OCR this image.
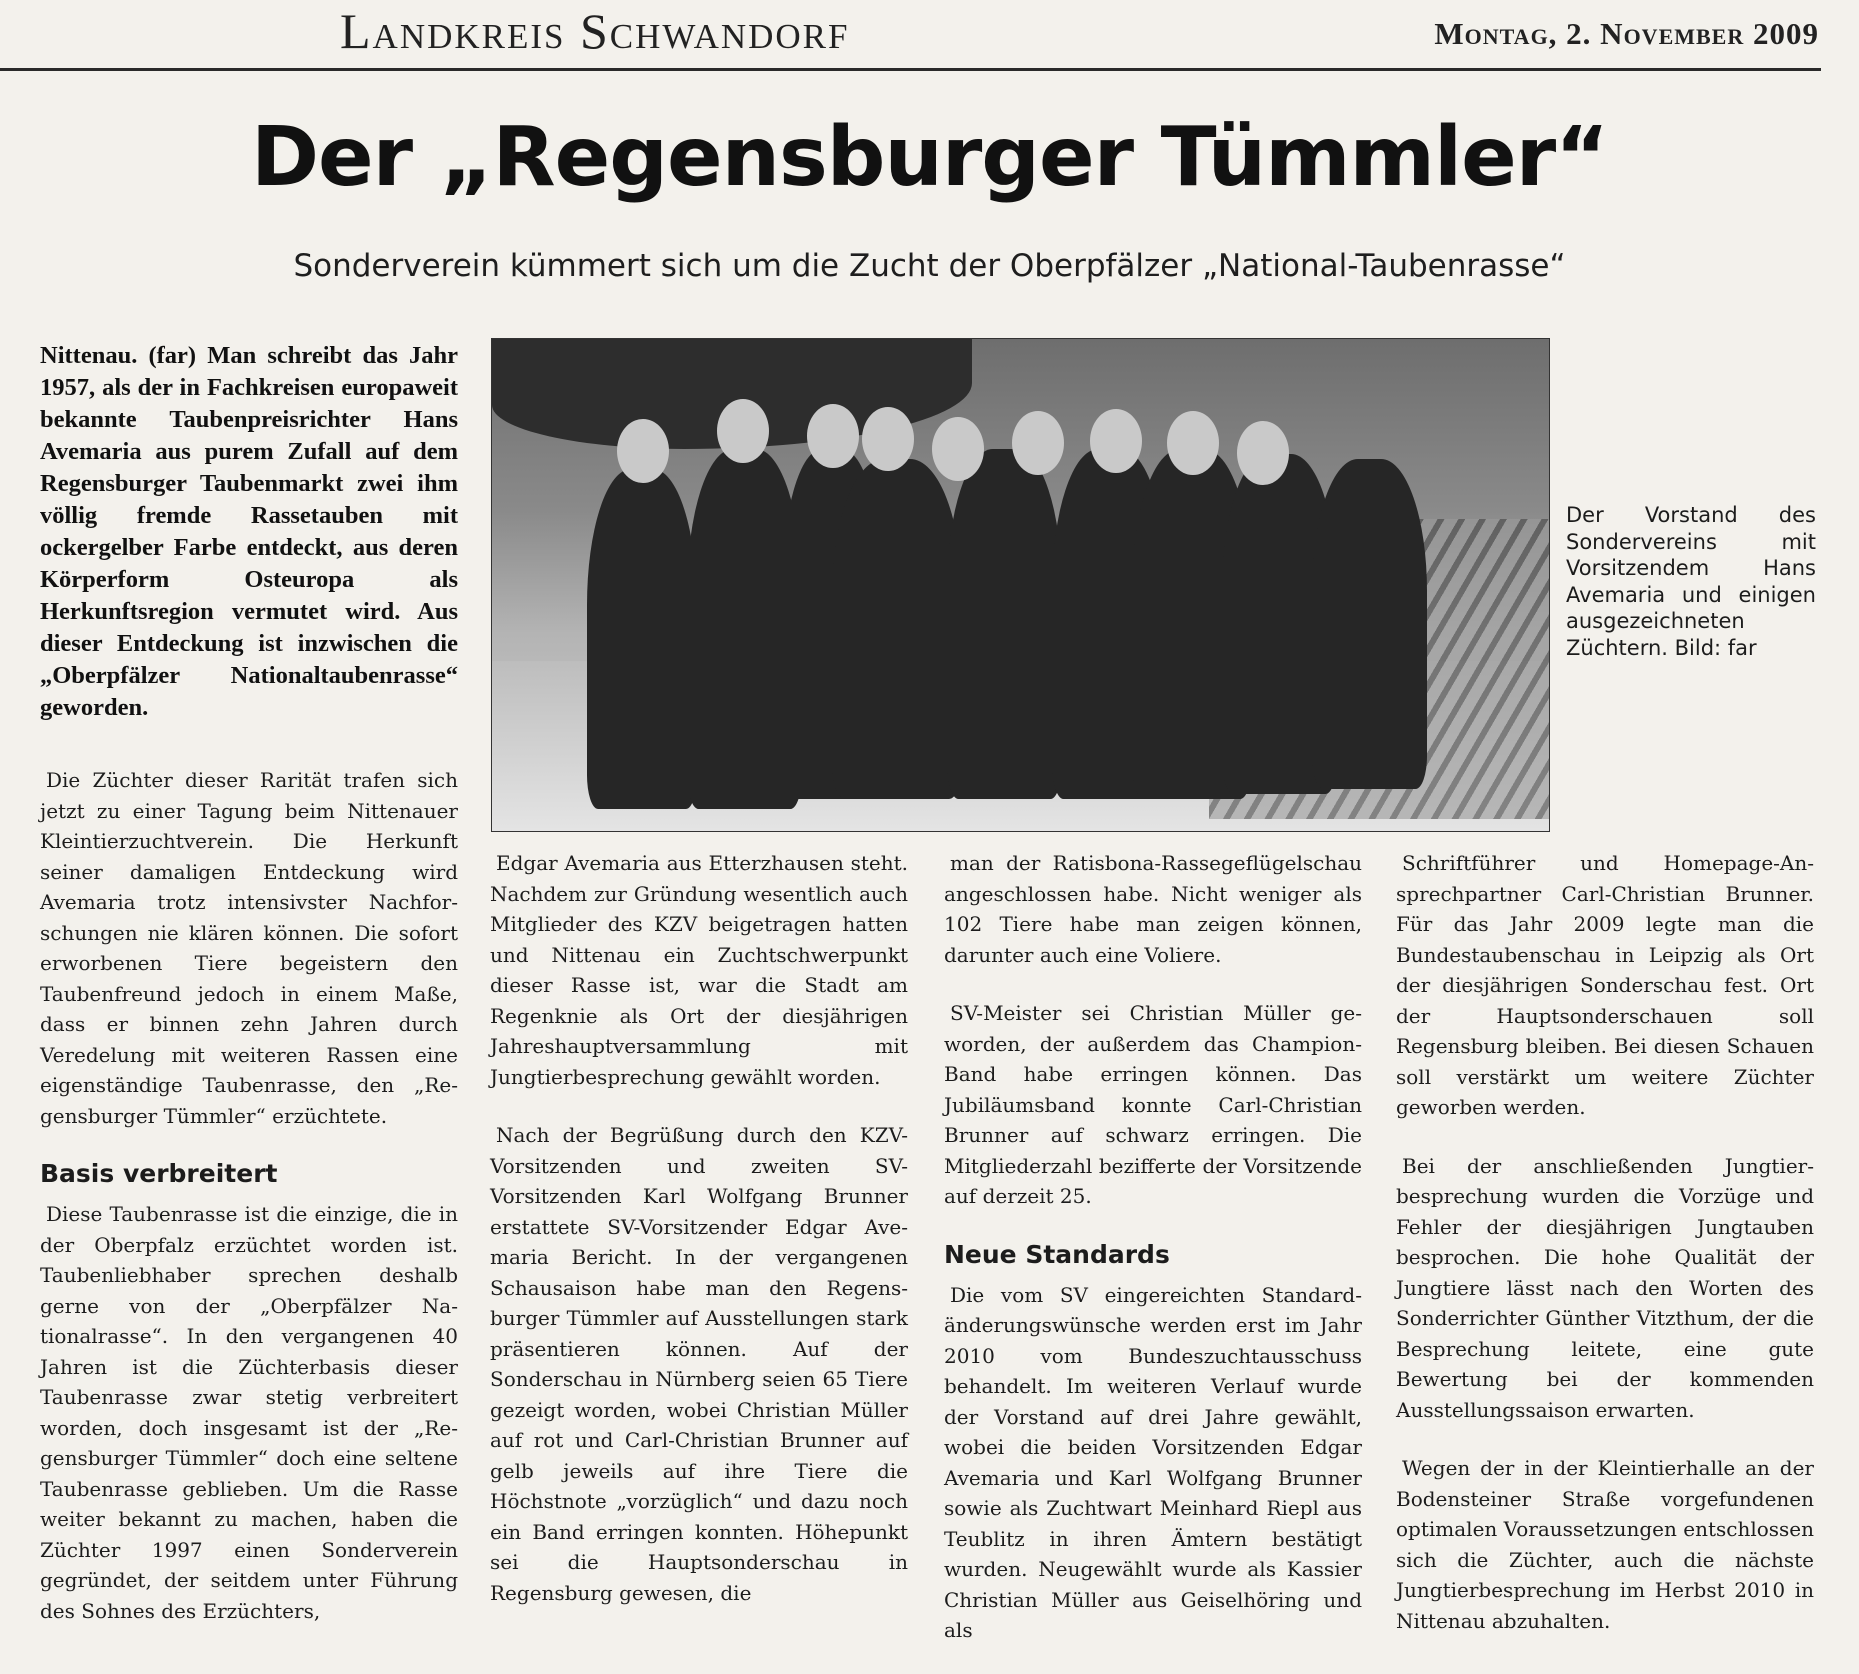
Landkreis Schwandorf	Montag, 2. November 2009
Der „Regensburger Tümmler“
Sonderverein kümmert sich um die Zucht der Oberpfälzer „National-Taubenrasse“
Nittenau. (far) Man schreibt das Jahr 1957, als der in Fachkreisen europaweit bekannte Taubenpreisrichter Hans Avemaria aus purem Zufall auf dem Regensburger Taubenmarkt zwei ihm völlig fremde Rassetauben mit ockergelber Farbe entdeckt, aus deren Körperform Osteuropa als Herkunftsregion vermutet wird. Aus dieser Entdeckung ist inzwischen die „Oberpfälzer Nationaltaubenrasse“ geworden.
Der Vorstand des Sondervereins mit Vorsitzendem Hans Avemaria und einigen ausgezeichneten Züchtern. Bild: far

Die Züchter dieser Rarität trafen sich jetzt zu einer Tagung beim Nittenauer Kleintierzuchtverein. Die Herkunft seiner damaligen Entdeckung wird Avemaria trotz intensivster Nachforschungen nie klären können. Die sofort erworbenen Tiere begeistern den Taubenfreund jedoch in einem Maße, dass er binnen zehn Jahren durch Veredelung mit weiteren Rassen eine eigenständige Taubenrasse, den „Regensburger Tümmler“ erzüchtete.

Basis verbreitert

Diese Taubenrasse ist die einzige, die in der Oberpfalz erzüchtet worden ist. Taubenliebhaber sprechen deshalb gerne von der „Oberpfälzer Nationalrasse“. In den vergangenen 40 Jahren ist die Züchterbasis dieser Taubenrasse zwar stetig verbreitert worden, doch insgesamt ist der „Regensburger Tümmler“ doch eine seltene Taubenrasse geblieben. Um die Rasse weiter bekannt zu machen, haben die Züchter 1997 einen Sonderverein gegründet, der seitdem unter Führung des Sohnes des Erzüchters,

Edgar Avemaria aus Etterzhausen steht. Nachdem zur Gründung wesentlich auch Mitglieder des KZV beigetragen hatten und Nittenau ein Zuchtschwerpunkt dieser Rasse ist, war die Stadt am Regenknie als Ort der diesjährigen Jahreshauptversammlung mit Jungtierbesprechung gewählt worden.

Nach der Begrüßung durch den KZV-Vorsitzenden und zweiten SV-Vorsitzenden Karl Wolfgang Brunner erstattete SV-Vorsitzender Edgar Avemaria Bericht. In der vergangenen Schausaison habe man den Regensburger Tümmler auf Ausstellungen stark präsentieren können. Auf der Sonderschau in Nürnberg seien 65 Tiere gezeigt worden, wobei Christian Müller auf rot und Carl-Christian Brunner auf gelb jeweils auf ihre Tiere die Höchstnote „vorzüglich“ und dazu noch ein Band erringen konnten. Höhepunkt sei die Hauptsonderschau in Regensburg gewesen, die

man der Ratisbona-Rassegeflügelschau angeschlossen habe. Nicht weniger als 102 Tiere habe man zeigen können, darunter auch eine Voliere.

SV-Meister sei Christian Müller geworden, der außerdem das Champion-Band habe erringen können. Das Jubiläumsband konnte Carl-Christian Brunner auf schwarz erringen. Die Mitgliederzahl bezifferte der Vorsitzende auf derzeit 25.

Neue Standards

Die vom SV eingereichten Standardänderungswünsche werden erst im Jahr 2010 vom Bundeszuchtausschuss behandelt. Im weiteren Verlauf wurde der Vorstand auf drei Jahre gewählt, wobei die beiden Vorsitzenden Edgar Avemaria und Karl Wolfgang Brunner sowie als Zuchtwart Meinhard Riepl aus Teublitz in ihren Ämtern bestätigt wurden. Neugewählt wurde als Kassier Christian Müller aus Geiselhöring und als

Schriftführer und Homepage-Ansprechpartner Carl-Christian Brunner. Für das Jahr 2009 legte man die Bundestaubenschau in Leipzig als Ort der diesjährigen Sonderschau fest. Ort der Hauptsonderschauen soll Regensburg bleiben. Bei diesen Schauen soll verstärkt um weitere Züchter geworben werden.

Bei der anschließenden Jungtierbesprechung wurden die Vorzüge und Fehler der diesjährigen Jungtauben besprochen. Die hohe Qualität der Jungtiere lässt nach den Worten des Sonderrichter Günther Vitzthum, der die Besprechung leitete, eine gute Bewertung bei der kommenden Ausstellungssaison erwarten.

Wegen der in der Kleintierhalle an der Bodensteiner Straße vorgefundenen optimalen Voraussetzungen entschlossen sich die Züchter, auch die nächste Jungtierbesprechung im Herbst 2010 in Nittenau abzuhalten.
